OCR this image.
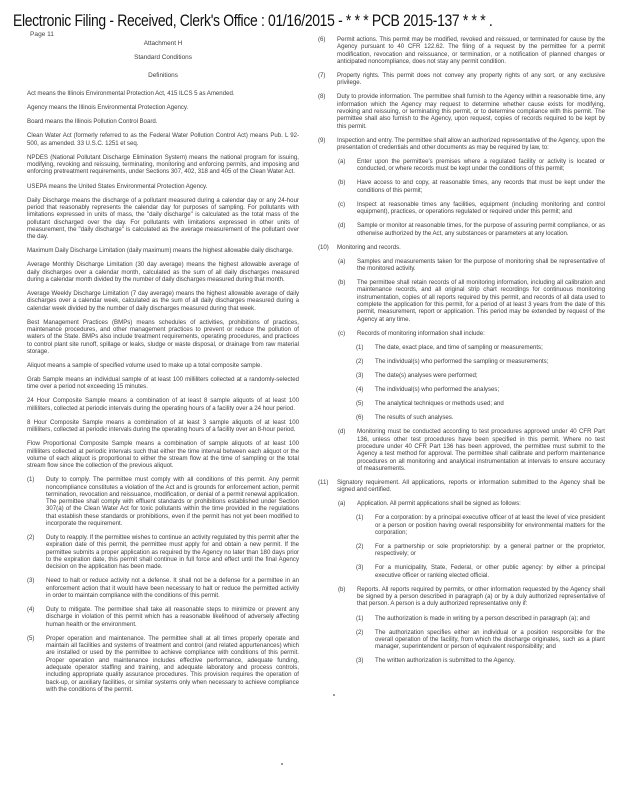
Electronic Filing - Received, Clerk's Office : 01/16/2015 - * * * PCB 2015-137 * * * .
Page 11
Attachment H
Standard Conditions
Definitions

Act means the Illinois Environmental Protection Act, 415 ILCS 5 as Amended.

Agency means the Illinois Environmental Protection Agency.

Board means the Illinois Pollution Control Board.

Clean Water Act (formerly referred to as the Federal Water Pollution Control Act) means Pub. L 92-500, as amended. 33 U.S.C. 1251 et seq.

NPDES (National Pollutant Discharge Elimination System) means the national program for issuing, modifying, revoking and reissuing, terminating, monitoring and enforcing permits, and imposing and enforcing pretreatment requirements, under Sections 307, 402, 318 and 405 of the Clean Water Act.

USEPA means the United States Environmental Protection Agency.

Daily Discharge means the discharge of a pollutant measured during a calendar day or any 24-hour period that reasonably represents the calendar day for purposes of sampling. For pollutants with limitations expressed in units of mass, the "daily discharge" is calculated as the total mass of the pollutant discharged over the day. For pollutants with limitations expressed in other units of measurement, the "daily discharge" is calculated as the average measurement of the pollutant over the day.

Maximum Daily Discharge Limitation (daily maximum) means the highest allowable daily discharge.

Average Monthly Discharge Limitation (30 day average) means the highest allowable average of daily discharges over a calendar month, calculated as the sum of all daily discharges measured during a calendar month divided by the number of daily discharges measured during that month.

Average Weekly Discharge Limitation (7 day average) means the highest allowable average of daily discharges over a calendar week, calculated as the sum of all daily discharges measured during a calendar week divided by the number of daily discharges measured during that week.

Best Management Practices (BMPs) means schedules of activities, prohibitions of practices, maintenance procedures, and other management practices to prevent or reduce the pollution of waters of the State. BMPs also include treatment requirements, operating procedures, and practices to control plant site runoff, spillage or leaks, sludge or waste disposal, or drainage from raw material storage.

Aliquot means a sample of specified volume used to make up a total composite sample.

Grab Sample means an individual sample of at least 100 milliliters collected at a randomly-selected time over a period not exceeding 15 minutes.

24 Hour Composite Sample means a combination of at least 8 sample aliquots of at least 100 milliliters, collected at periodic intervals during the operating hours of a facility over a 24 hour period.

8 Hour Composite Sample means a combination of at least 3 sample aliquots of at least 100 milliliters, collected at periodic intervals during the operating hours of a facility over an 8-hour period.

Flow Proportional Composite Sample means a combination of sample aliquots of at least 100 milliliters collected at periodic intervals such that either the time interval between each aliquot or the volume of each aliquot is proportional to either the stream flow at the time of sampling or the total stream flow since the collection of the previous aliquot.

(1)	Duty to comply. The permittee must comply with all conditions of this permit. Any permit noncompliance constitutes a violation of the Act and is grounds for enforcement action, permit termination, revocation and reissuance, modification, or denial of a permit renewal application. The permittee shall comply with effluent standards or prohibitions established under Section 307(a) of the Clean Water Act for toxic pollutants within the time provided in the regulations that establish these standards or prohibitions, even if the permit has not yet been modified to incorporate the requirement.
(2)	Duty to reapply. If the permittee wishes to continue an activity regulated by this permit after the expiration date of this permit, the permittee must apply for and obtain a new permit. If the permittee submits a proper application as required by the Agency no later than 180 days prior to the expiration date, this permit shall continue in full force and effect until the final Agency decision on the application has been made.
(3)	Need to halt or reduce activity not a defense. It shall not be a defense for a permittee in an enforcement action that it would have been necessary to halt or reduce the permitted activity in order to maintain compliance with the conditions of this permit.
(4)	Duty to mitigate. The permittee shall take all reasonable steps to minimize or prevent any discharge in violation of this permit which has a reasonable likelihood of adversely affecting human health or the environment.
(5)	Proper operation and maintenance. The permittee shall at all times properly operate and maintain all facilities and systems of treatment and control (and related appurtenances) which are installed or used by the permittee to achieve compliance with conditions of this permit. Proper operation and maintenance includes effective performance, adequate funding, adequate operator staffing and training, and adequate laboratory and process controls, including appropriate quality assurance procedures. This provision requires the operation of back-up, or auxiliary facilities, or similar systems only when necessary to achieve compliance with the conditions of the permit.
(6)	Permit actions. This permit may be modified, revoked and reissued, or terminated for cause by the Agency pursuant to 40 CFR 122.62. The filing of a request by the permittee for a permit modification, revocation and reissuance, or termination, or a notification of planned changes or anticipated noncompliance, does not stay any permit condition.
(7)	Property rights. This permit does not convey any property rights of any sort, or any exclusive privilege.
(8)	Duty to provide information. The permittee shall furnish to the Agency within a reasonable time, any information which the Agency may request to determine whether cause exists for modifying, revoking and reissuing, or terminating this permit, or to determine compliance with this permit. The permittee shall also furnish to the Agency, upon request, copies of records required to be kept by this permit.
(9)	Inspection and entry. The permittee shall allow an authorized representative of the Agency, upon the presentation of credentials and other documents as may be required by law, to:
(a)	Enter upon the permittee's premises where a regulated facility or activity is located or conducted, or where records must be kept under the conditions of this permit;
(b)	Have access to and copy, at reasonable times, any records that must be kept under the conditions of this permit;
(c)	Inspect at reasonable times any facilities, equipment (including monitoring and control equipment), practices, or operations regulated or required under this permit; and
(d)	Sample or monitor at reasonable times, for the purpose of assuring permit compliance, or as otherwise authorized by the Act, any substances or parameters at any location.
(10)	Monitoring and records.
(a)	Samples and measurements taken for the purpose of monitoring shall be representative of the monitored activity.
(b)	The permittee shall retain records of all monitoring information, including all calibration and maintenance records, and all original strip chart recordings for continuous monitoring instrumentation, copies of all reports required by this permit, and records of all data used to complete the application for this permit, for a period of at least 3 years from the date of this permit, measurement, report or application. This period may be extended by request of the Agency at any time.
(c)	Records of monitoring information shall include:
(1)	The date, exact place, and time of sampling or measurements;
(2)	The individual(s) who performed the sampling or measurements;
(3)	The date(s) analyses were performed;
(4)	The individual(s) who performed the analyses;
(5)	The analytical techniques or methods used; and
(6)	The results of such analyses.
(d)	Monitoring must be conducted according to test procedures approved under 40 CFR Part 136, unless other test procedures have been specified in this permit. Where no test procedure under 40 CFR Part 136 has been approved, the permittee must submit to the Agency a test method for approval. The permittee shall calibrate and perform maintenance procedures on all monitoring and analytical instrumentation at intervals to ensure accuracy of measurements.
(11)	Signatory requirement. All applications, reports or information submitted to the Agency shall be signed and certified.
(a)	Application. All permit applications shall be signed as follows:
(1)	For a corporation: by a principal executive officer of at least the level of vice president or a person or position having overall responsibility for environmental matters for the corporation;
(2)	For a partnership or sole proprietorship: by a general partner or the proprietor, respectively; or
(3)	For a municipality, State, Federal, or other public agency: by either a principal executive officer or ranking elected official.
(b)	Reports. All reports required by permits, or other information requested by the Agency shall be signed by a person described in paragraph (a) or by a duly authorized representative of that person. A person is a duly authorized representative only if:
(1)	The authorization is made in writing by a person described in paragraph (a); and
(2)	The authorization specifies either an individual or a position responsible for the overall operation of the facility, from which the discharge originates, such as a plant manager, superintendent or person of equivalent responsibility; and
(3)	The written authorization is submitted to the Agency.
